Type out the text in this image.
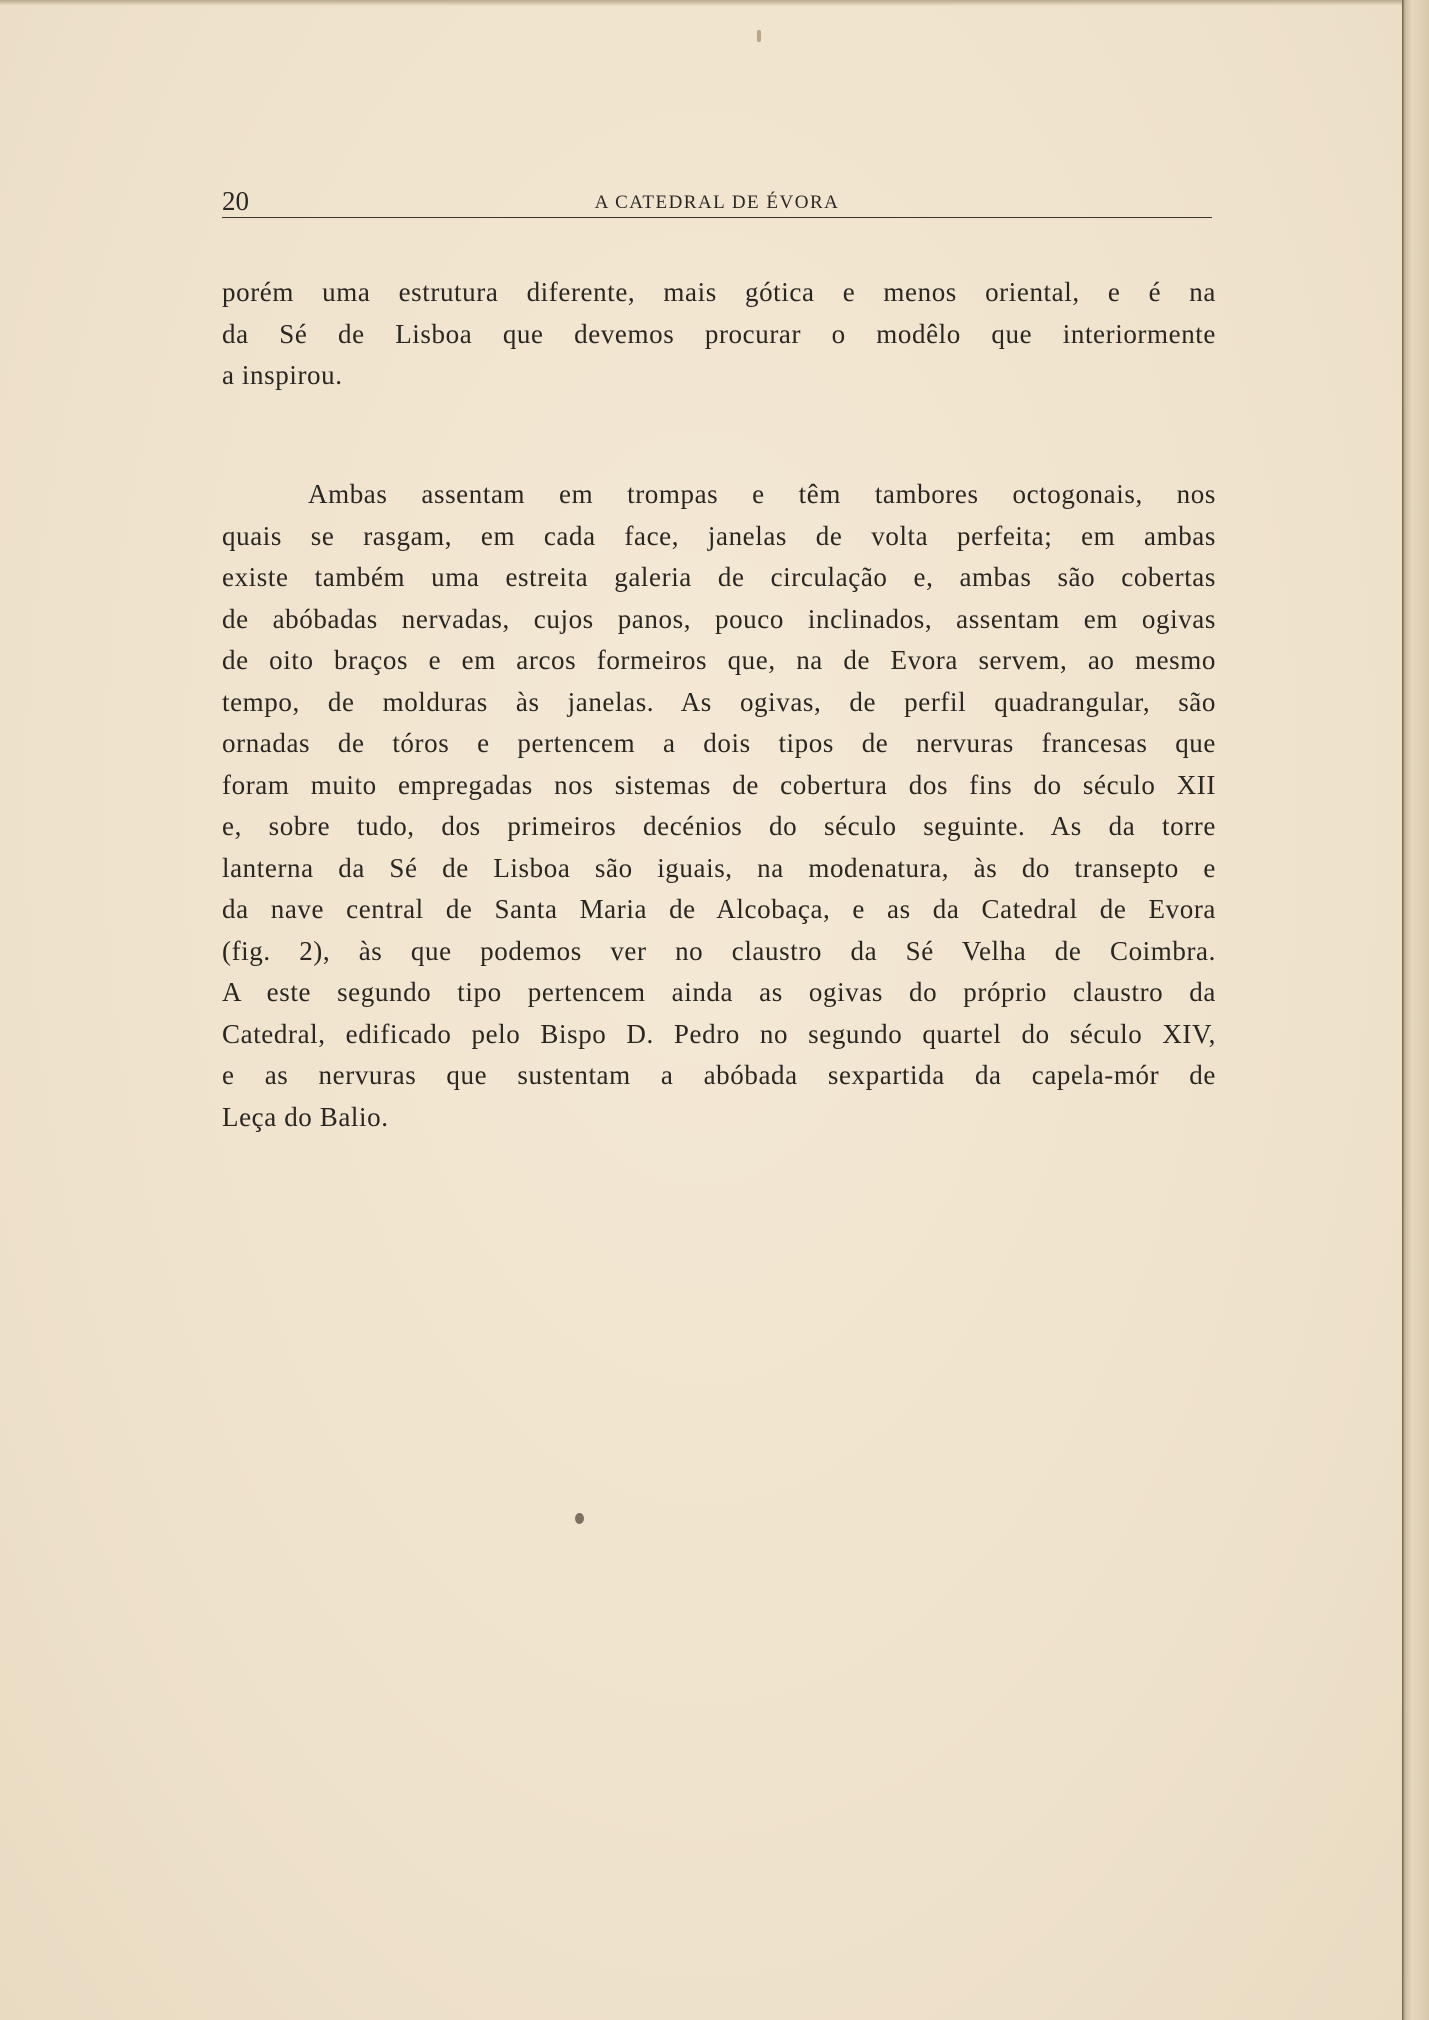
20	A CATEDRAL DE ÉVORA
porém uma estrutura diferente, mais gótica e menos oriental, e é na
da Sé de Lisboa que devemos procurar o modêlo que interiormente
a inspirou.
Ambas assentam em trompas e têm tambores octogonais, nos
quais se rasgam, em cada face, janelas de volta perfeita; em ambas
existe também uma estreita galeria de circulação e, ambas são cobertas
de abóbadas nervadas, cujos panos, pouco inclinados, assentam em ogivas
de oito braços e em arcos formeiros que, na de Evora servem, ao mesmo
tempo, de molduras às janelas. As ogivas, de perfil quadrangular, são
ornadas de tóros e pertencem a dois tipos de nervuras francesas que
foram muito empregadas nos sistemas de cobertura dos fins do século XII
e, sobre tudo, dos primeiros decénios do século seguinte. As da torre
lanterna da Sé de Lisboa são iguais, na modenatura, às do transepto e
da nave central de Santa Maria de Alcobaça, e as da Catedral de Evora
(fig. 2), às que podemos ver no claustro da Sé Velha de Coimbra.
A este segundo tipo pertencem ainda as ogivas do próprio claustro da
Catedral, edificado pelo Bispo D. Pedro no segundo quartel do século XIV,
e as nervuras que sustentam a abóbada sexpartida da capela-mór de
Leça do Balio.
